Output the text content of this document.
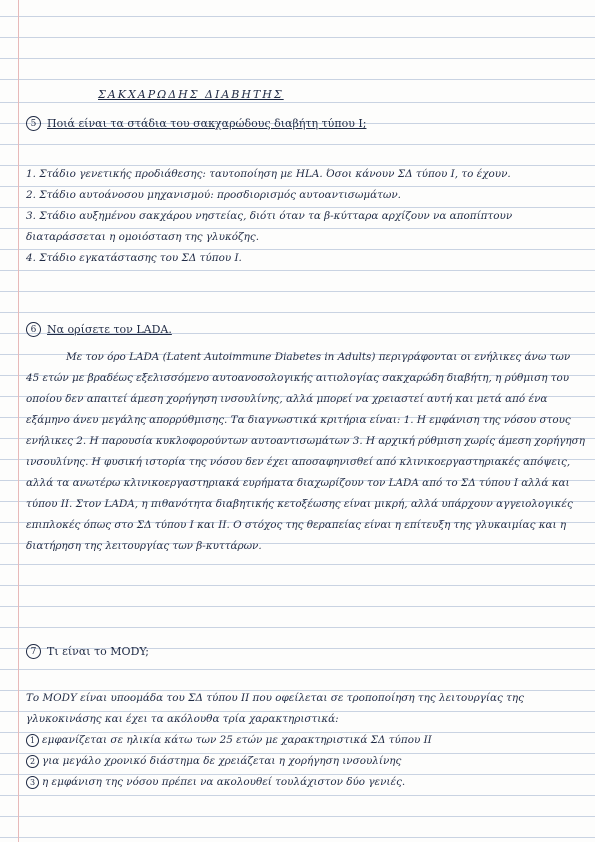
ΣΑΚΧΑΡΩΔΗΣ ΔΙΑΒΗΤΗΣ
5 Ποιά είναι τα στάδια του σακχαρώδους διαβήτη τύπου I;

1. Στάδιο γενετικής προδιάθεσης: ταυτοποίηση με HLA. Όσοι κάνουν ΣΔ τύπου I, το έχουν.

2. Στάδιο αυτοάνοσου μηχανισμού: προσδιορισμός αυτοαντισωμάτων.

3. Στάδιο αυξημένου σακχάρου νηστείας, διότι όταν τα β-κύτταρα αρχίζουν να αποπίπτουν διαταράσσεται η ομοιόσταση της γλυκόζης.

4. Στάδιο εγκατάστασης του ΣΔ τύπου I.

6 Να ορίσετε τον LADA.

Με τον όρο LADA (Latent Autoimmune Diabetes in Adults) περιγράφονται οι ενήλικες άνω των 45 ετών με βραδέως εξελισσόμενο αυτοανοσολογικής αιτιολογίας σακχαρώδη διαβήτη, η ρύθμιση του οποίου δεν απαιτεί άμεση χορήγηση ινσουλίνης, αλλά μπορεί να χρειαστεί αυτή και μετά από ένα εξάμηνο άνευ μεγάλης απορρύθμισης. Τα διαγνωστικά κριτήρια είναι: 1. Η εμφάνιση της νόσου στους ενήλικες 2. Η παρουσία κυκλοφορούντων αυτοαντισωμάτων 3. Η αρχική ρύθμιση χωρίς άμεση χορήγηση ινσουλίνης. Η φυσική ιστορία της νόσου δεν έχει αποσαφηνισθεί από κλινικοεργαστηριακές απόψεις, αλλά τα ανωτέρω κλινικοεργαστηριακά ευρήματα διαχωρίζουν τον LADA από το ΣΔ τύπου I αλλά και τύπου II. Στον LADA, η πιθανότητα διαβητικής κετοξέωσης είναι μικρή, αλλά υπάρχουν αγγειολογικές επιπλοκές όπως στο ΣΔ τύπου I και II. Ο στόχος της θεραπείας είναι η επίτευξη της γλυκαιμίας και η διατήρηση της λειτουργίας των β-κυττάρων.

7 Τι είναι το MODY;

Το MODY είναι υποομάδα του ΣΔ τύπου II που οφείλεται σε τροποποίηση της λειτουργίας της γλυκοκινάσης και έχει τα ακόλουθα τρία χαρακτηριστικά:

1 εμφανίζεται σε ηλικία κάτω των 25 ετών με χαρακτηριστικά ΣΔ τύπου II

2 για μεγάλο χρονικό διάστημα δε χρειάζεται η χορήγηση ινσουλίνης

3 η εμφάνιση της νόσου πρέπει να ακολουθεί τουλάχιστον δύο γενιές.
